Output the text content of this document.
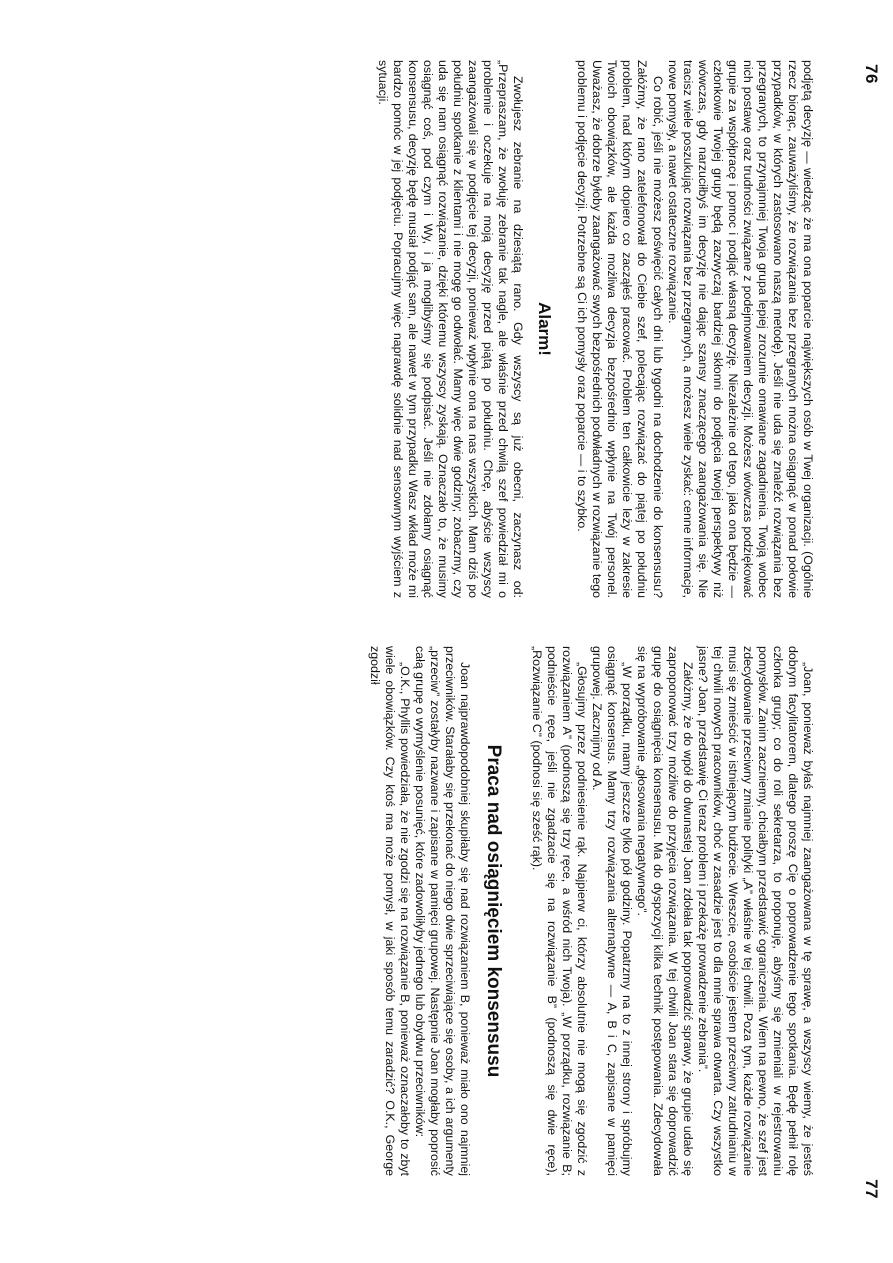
76

podjętą decyzję — wiedząc że ma ona poparcie największych osób w Twej organizacji. (Ogólnie rzecz biorąc, zauważyliśmy, że rozwiązania bez przegranych można osiągnąć w ponad połowie przypadków, w których zastosowano naszą metodę). Jeśli nie uda się znaleźć rozwiązania bez przegranych, to przynajmniej Twoja grupa lepiej zrozumie omawiane zagadnienia. Twoją wobec nich postawę oraz trudności związane z podejmowaniem decyzji. Możesz wówczas podziękować grupie za współpracę i pomoc i podjąć własną decyzję. Niezależnie od tego, jaka ona będzie — członkowie Twojej grupy będą zazwyczaj bardziej skłonni do podjęcia twojej perspektywy niż wówczas, gdy narzuciłbyś im decyzję nie dając szansy znaczącego zaangażowania się. Nie tracisz wiele poszukując rozwiązania bez przegranych, a możesz wiele zyskać: cenne informacje, nowe pomysły, a nawet ostateczne rozwiązanie.

Co robić, jeśli nie możesz poświęcić całych dni lub tygodni na dochodzenie do konsensusu? Załóżmy, że rano zatelefonował do Ciebie szef, polecając rozwiązać do piątej po południu problem, nad którym dopiero co zacząłeś pracować. Problem ten całkowicie leży w zakresie Twoich obowiązków, ale każda możliwa decyzja bezpośrednio wpłynie na Twój personel. Uważasz, że dobrze byłoby zaangażować swych bezpośrednich podwładnych w rozwiązanie tego problemu i podjęcie decyzji. Potrzebne są Ci ich pomysły oraz poparcie — i to szybko.

Alarm!

Zwołujesz zebranie na dziesiątą rano. Gdy wszyscy są już obecni, zaczynasz od: „Przepraszam, że zwołuję zebranie tak nagle, ale właśnie przed chwilą szef powiedział mi o problemie i oczekuje na moją decyzję przed piątą po południu. Chcę, abyście wszyscy zaangażowali się w podjęcie tej decyzji, ponieważ wpłynie ona na nas wszystkich. Mam dziś po południu spotkanie z klientami i nie mogę go odwołać. Mamy więc dwie godziny; zobaczmy, czy uda się nam osiągnąć rozwiązanie, dzięki któremu wszyscy zyskają. Oznaczało to, że musimy osiągnąć coś, pod czym i Wy, i ja moglibyśmy się podpisać. Jeśli nie zdołamy osiągnąć konsensusu, decyzję będę musiał podjąć sam, ale nawet w tym przypadku Wasz wkład może mi bardzo pomóc w jej podjęciu. Popracujmy więc naprawdę solidnie nad sensownym wyjściem z sytuacji.

77

„Joan, ponieważ byłaś najmniej zaangażowana w tę sprawę, a wszyscy wiemy, że jesteś dobrym facylitatorem, dlatego proszę Cię o poprowadzenie tego spotkania. Będę pełnił rolę członka grupy; co do roli sekretarza, to proponuję, abyśmy się zmieniali w rejestrowaniu pomysłów. Zanim zaczniemy, chciałbym przedstawić ograniczenia. Wiem na pewno, że szef jest zdecydowanie przeciwny zmianie polityki „A” właśnie w tej chwili. Poza tym, każde rozwiązanie musi się zmieścić w istniejącym budżecie. Wreszcie, osobiście jestem przeciwny zatrudnianiu w tej chwili nowych pracowników, choć w zasadzie jest to dla mnie sprawa otwarta. Czy wszystko jasne? Joan, przedstawię Ci teraz problem i przekażę prowadzenie zebrania”.

Załóżmy, że do wpół do dwunastej Joan zdołała tak poprowadzić sprawy, że grupie udało się zaproponować trzy możliwe do przyjęcia rozwiązania. W tej chwili Joan stara się doprowadzić grupę do osiągnięcia konsensusu. Ma do dyspozycji kilka technik postępowania. Zdecydowała się na wypróbowanie „głosowania negatywnego”.

„W porządku, mamy jeszcze tylko pół godziny. Popatrzmy na to z innej strony i spróbujmy osiągnąć konsensus. Mamy trzy rozwiązania alternatywne — A, B i C, zapisane w pamięci grupowej. Zacznijmy od A.

„Głosujmy przez podniesienie rąk. Najpierw ci, którzy absolutnie nie mogą się zgodzić z rozwiązaniem A” (podnoszą się trzy ręce, a wśród nich Twoja). „W porządku, rozwiązanie B; podnieście ręce, jeśli nie zgadzacie się na rozwiązanie B” (podnoszą się dwie ręce), „Rozwiązanie C” (podnosi się sześć rąk).

Praca nad osiągnięciem konsensusu

Joan najprawdopodobniej skupiłaby się nad rozwiązaniem B, ponieważ miało ono najmniej przeciwników. Starałaby się przekonać do niego dwie sprzeciwiające się osoby, a ich argumenty „przeciw” zostałyby nazwane i zapisane w pamięci grupowej. Następnie Joan mogłaby poprosić całą grupę o wymyślenie posunięć, które zadowoliłyby jednego lub obydwu przeciwników:

„O.K., Phyllis powiedziała, że nie zgodzi się na rozwiązanie B, ponieważ oznaczałoby to zbyt wiele obowiązków. Czy ktoś ma może pomysł, w jaki sposób temu zaradzić? O.K., George zgodził
